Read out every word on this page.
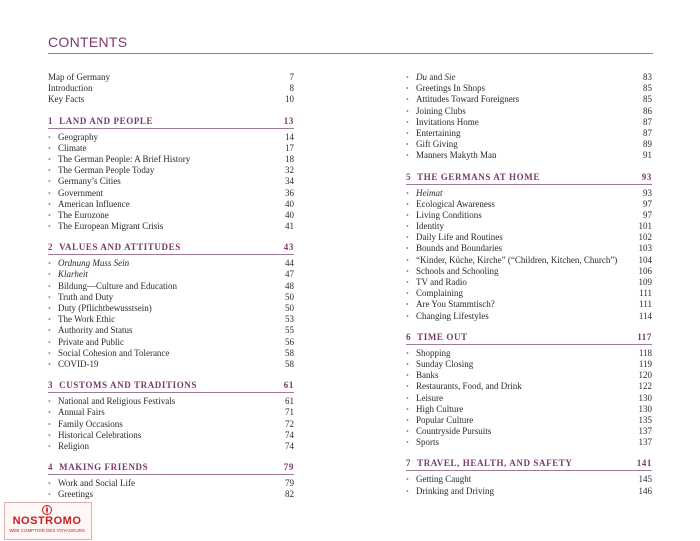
CONTENTS
Map of Germany	7
Introduction	8
Key Facts	10
1 LAND AND PEOPLE	13
• Geography	14
• Climate	17
• The German People: A Brief History	18
• The German People Today	32
• Germany’s Cities	34
• Government	36
• American Influence	40
• The Eurozone	40
• The European Migrant Crisis	41
2 VALUES AND ATTITUDES	43
• Ordnung Muss Sein	44
• Klarheit	47
• Bildung—Culture and Education	48
• Truth and Duty	50
• Duty (Pflichtbewusstsein)	50
• The Work Ethic	53
• Authority and Status	55
• Private and Public	56
• Social Cohesion and Tolerance	58
• COVID-19	58
3 CUSTOMS AND TRADITIONS	61
• National and Religious Festivals	61
• Annual Fairs	71
• Family Occasions	72
• Historical Celebrations	74
• Religion	74
4 MAKING FRIENDS	79
• Work and Social Life	79
• Greetings	82
• Du and Sie	83
• Greetings In Shops	85
• Attitudes Toward Foreigners	85
• Joining Clubs	86
• Invitations Home	87
• Entertaining	87
• Gift Giving	89
• Manners Makyth Man	91
5 THE GERMANS AT HOME	93
• Heimat	93
• Ecological Awareness	97
• Living Conditions	97
• Identity	101
• Daily Life and Routines	102
• Bounds and Boundaries	103
• “Kinder, Küche, Kirche” (“Children, Kitchen, Church”) 104
• Schools and Schooling	106
• TV and Radio	109
• Complaining	111
• Are You Stammtisch?	111
• Changing Lifestyles	114
6 TIME OUT	117
• Shopping	118
• Sunday Closing	119
• Banks	120
• Restaurants, Food, and Drink	122
• Leisure	130
• High Culture	130
• Popular Culture	135
• Countryside Pursuits	137
• Sports	137
7 TRAVEL, HEALTH, AND SAFETY	141
• Getting Caught	145
• Drinking and Driving	146
NOSTROMO
WEB COMPTOIR DES VOYAGEURS
